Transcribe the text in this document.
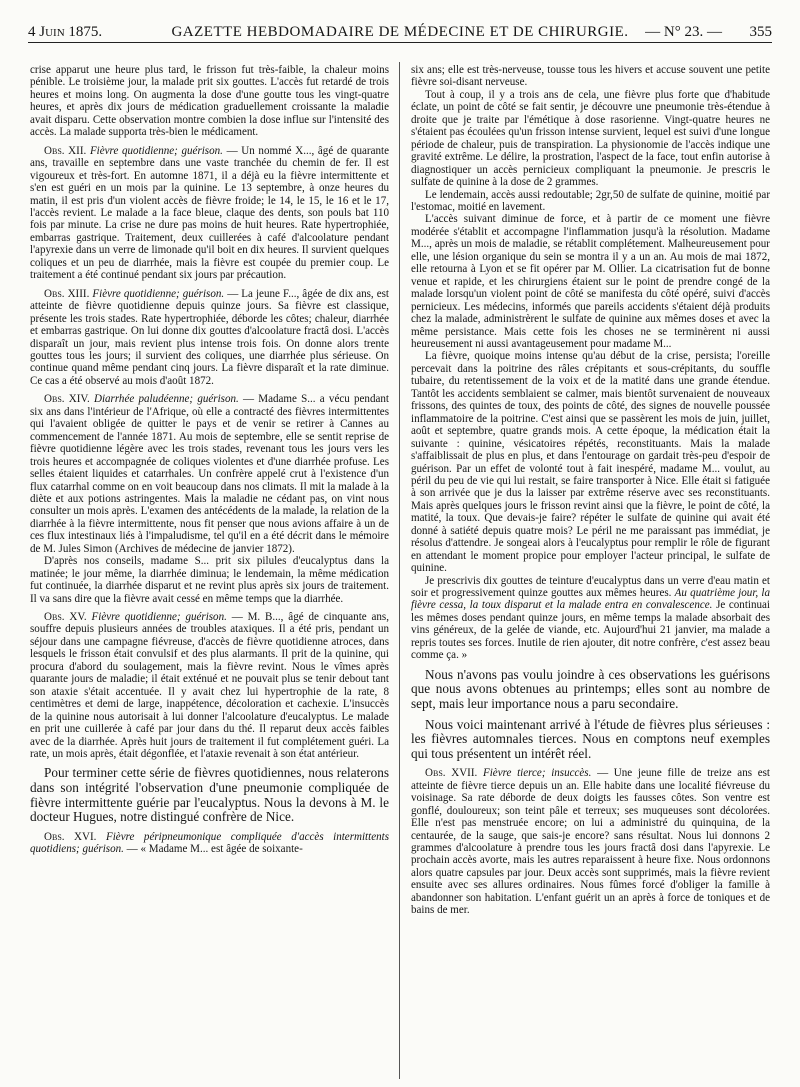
4 Juin 1875.	GAZETTE HEBDOMADAIRE DE MÉDECINE ET DE CHIRURGIE.	— N° 23. — 355

crise apparut une heure plus tard, le frisson fut très-faible, la chaleur moins pénible. Le troisième jour, la malade prit six gouttes. L'accès fut retardé de trois heures et moins long. On augmenta la dose d'une goutte tous les vingt-quatre heures, et après dix jours de médication graduellement croissante la maladie avait disparu. Cette observation montre combien la dose influe sur l'intensité des accès. La malade supporta très-bien le médicament.

Obs. XII. Fièvre quotidienne; guérison. — Un nommé X..., âgé de quarante ans, travaille en septembre dans une vaste tranchée du chemin de fer. Il est vigoureux et très-fort. En automne 1871, il a déjà eu la fièvre intermittente et s'en est guéri en un mois par la quinine. Le 13 septembre, à onze heures du matin, il est pris d'un violent accès de fièvre froide; le 14, le 15, le 16 et le 17, l'accès revient. Le malade a la face bleue, claque des dents, son pouls bat 110 fois par minute. La crise ne dure pas moins de huit heures. Rate hypertrophiée, embarras gastrique. Traitement, deux cuillerées à café d'alcoolature pendant l'apyrexie dans un verre de limonade qu'il boit en dix heures. Il survient quelques coliques et un peu de diarrhée, mais la fièvre est coupée du premier coup. Le traitement a été continué pendant six jours par précaution.

Obs. XIII. Fièvre quotidienne; guérison. — La jeune F..., âgée de dix ans, est atteinte de fièvre quotidienne depuis quinze jours. Sa fièvre est classique, présente les trois stades. Rate hypertrophiée, déborde les côtes; chaleur, diarrhée et embarras gastrique. On lui donne dix gouttes d'alcoolature fractâ dosi. L'accès disparaît un jour, mais revient plus intense trois fois. On donne alors trente gouttes tous les jours; il survient des coliques, une diarrhée plus sérieuse. On continue quand même pendant cinq jours. La fièvre disparaît et la rate diminue. Ce cas a été observé au mois d'août 1872.

Obs. XIV. Diarrhée paludéenne; guérison. — Madame S... a vécu pendant six ans dans l'intérieur de l'Afrique, où elle a contracté des fièvres intermittentes qui l'avaient obligée de quitter le pays et de venir se retirer à Cannes au commencement de l'année 1871. Au mois de septembre, elle se sentit reprise de fièvre quotidienne légère avec les trois stades, revenant tous les jours vers les trois heures et accompagnée de coliques violentes et d'une diarrhée profuse. Les selles étaient liquides et catarrhales. Un confrère appelé crut à l'existence d'un flux catarrhal comme on en voit beaucoup dans nos climats. Il mit la malade à la diète et aux potions astringentes. Mais la maladie ne cédant pas, on vint nous consulter un mois après. L'examen des antécédents de la malade, la relation de la diarrhée à la fièvre intermittente, nous fit penser que nous avions affaire à un de ces flux intestinaux liés à l'impaludisme, tel qu'il en a été décrit dans le mémoire de M. Jules Simon (Archives de médecine de janvier 1872).

D'après nos conseils, madame S... prit six pilules d'eucalyptus dans la matinée; le jour même, la diarrhée diminua; le lendemain, la même médication fut continuée, la diarrhée disparut et ne revint plus après six jours de traitement. Il va sans dire que la fièvre avait cessé en même temps que la diarrhée.

Obs. XV. Fièvre quotidienne; guérison. — M. B..., âgé de cinquante ans, souffre depuis plusieurs années de troubles ataxiques. Il a été pris, pendant un séjour dans une campagne fiévreuse, d'accès de fièvre quotidienne atroces, dans lesquels le frisson était convulsif et des plus alarmants. Il prit de la quinine, qui procura d'abord du soulagement, mais la fièvre revint. Nous le vîmes après quarante jours de maladie; il était exténué et ne pouvait plus se tenir debout tant son ataxie s'était accentuée. Il y avait chez lui hypertrophie de la rate, 8 centimètres et demi de large, inappétence, décoloration et cachexie. L'insuccès de la quinine nous autorisait à lui donner l'alcoolature d'eucalyptus. Le malade en prit une cuillerée à café par jour dans du thé. Il reparut deux accès faibles avec de la diarrhée. Après huit jours de traitement il fut complétement guéri. La rate, un mois après, était dégonflée, et l'ataxie revenait à son état antérieur.

Pour terminer cette série de fièvres quotidiennes, nous relaterons dans son intégrité l'observation d'une pneumonie compliquée de fièvre intermittente guérie par l'eucalyptus. Nous la devons à M. le docteur Hugues, notre distingué confrère de Nice.

Obs. XVI. Fièvre péripneumonique compliquée d'accès intermittents quotidiens; guérison. — « Madame M... est âgée de soixante-

six ans; elle est très-nerveuse, tousse tous les hivers et accuse souvent une petite fièvre soi-disant nerveuse.

Tout à coup, il y a trois ans de cela, une fièvre plus forte que d'habitude éclate, un point de côté se fait sentir, je découvre une pneumonie très-étendue à droite que je traite par l'émétique à dose rasorienne. Vingt-quatre heures ne s'étaient pas écoulées qu'un frisson intense survient, lequel est suivi d'une longue période de chaleur, puis de transpiration. La physionomie de l'accès indique une gravité extrême. Le délire, la prostration, l'aspect de la face, tout enfin autorise à diagnostiquer un accès pernicieux compliquant la pneumonie. Je prescris le sulfate de quinine à la dose de 2 grammes.

Le lendemain, accès aussi redoutable; 2gr,50 de sulfate de quinine, moitié par l'estomac, moitié en lavement.

L'accès suivant diminue de force, et à partir de ce moment une fièvre modérée s'établit et accompagne l'inflammation jusqu'à la résolution. Madame M..., après un mois de maladie, se rétablit complétement. Malheureusement pour elle, une lésion organique du sein se montra il y a un an. Au mois de mai 1872, elle retourna à Lyon et se fit opérer par M. Ollier. La cicatrisation fut de bonne venue et rapide, et les chirurgiens étaient sur le point de prendre congé de la malade lorsqu'un violent point de côté se manifesta du côté opéré, suivi d'accès pernicieux. Les médecins, informés que pareils accidents s'étaient déjà produits chez la malade, administrèrent le sulfate de quinine aux mêmes doses et avec la même persistance. Mais cette fois les choses ne se terminèrent ni aussi heureusement ni aussi avantageusement pour madame M...

La fièvre, quoique moins intense qu'au début de la crise, persista; l'oreille percevait dans la poitrine des râles crépitants et sous-crépitants, du souffle tubaire, du retentissement de la voix et de la matité dans une grande étendue. Tantôt les accidents semblaient se calmer, mais bientôt survenaient de nouveaux frissons, des quintes de toux, des points de côté, des signes de nouvelle poussée inflammatoire de la poitrine. C'est ainsi que se passèrent les mois de juin, juillet, août et septembre, quatre grands mois. A cette époque, la médication était la suivante : quinine, vésicatoires répétés, reconstituants. Mais la malade s'affaiblissait de plus en plus, et dans l'entourage on gardait très-peu d'espoir de guérison. Par un effet de volonté tout à fait inespéré, madame M... voulut, au péril du peu de vie qui lui restait, se faire transporter à Nice. Elle était si fatiguée à son arrivée que je dus la laisser par extrême réserve avec ses reconstituants. Mais après quelques jours le frisson revint ainsi que la fièvre, le point de côté, la matité, la toux. Que devais-je faire? répéter le sulfate de quinine qui avait été donné à satiété depuis quatre mois? Le péril ne me paraissant pas immédiat, je résolus d'attendre. Je songeai alors à l'eucalyptus pour remplir le rôle de figurant en attendant le moment propice pour employer l'acteur principal, le sulfate de quinine.

Je prescrivis dix gouttes de teinture d'eucalyptus dans un verre d'eau matin et soir et progressivement quinze gouttes aux mêmes heures. Au quatrième jour, la fièvre cessa, la toux disparut et la malade entra en convalescence. Je continuai les mêmes doses pendant quinze jours, en même temps la malade absorbait des vins généreux, de la gelée de viande, etc. Aujourd'hui 21 janvier, ma malade a repris toutes ses forces. Inutile de rien ajouter, dit notre confrère, c'est assez beau comme ça. »

Nous n'avons pas voulu joindre à ces observations les guérisons que nous avons obtenues au printemps; elles sont au nombre de sept, mais leur importance nous a paru secondaire.

Nous voici maintenant arrivé à l'étude de fièvres plus sérieuses : les fièvres automnales tierces. Nous en comptons neuf exemples qui tous présentent un intérêt réel.

Obs. XVII. Fièvre tierce; insuccès. — Une jeune fille de treize ans est atteinte de fièvre tierce depuis un an. Elle habite dans une localité fiévreuse du voisinage. Sa rate déborde de deux doigts les fausses côtes. Son ventre est gonflé, douloureux; son teint pâle et terreux; ses muqueuses sont décolorées. Elle n'est pas menstruée encore; on lui a administré du quinquina, de la centaurée, de la sauge, que sais-je encore? sans résultat. Nous lui donnons 2 grammes d'alcoolature à prendre tous les jours fractâ dosi dans l'apyrexie. Le prochain accès avorte, mais les autres reparaissent à heure fixe. Nous ordonnons alors quatre capsules par jour. Deux accès sont supprimés, mais la fièvre revient ensuite avec ses allures ordinaires. Nous fûmes forcé d'obliger la famille à abandonner son habitation. L'enfant guérit un an après à force de toniques et de bains de mer.
